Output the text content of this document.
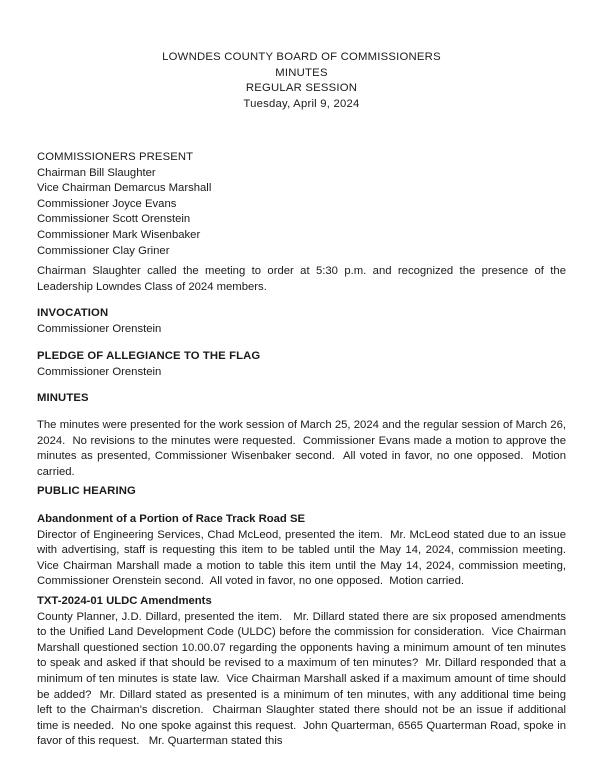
LOWNDES COUNTY BOARD OF COMMISSIONERS
MINUTES
REGULAR SESSION
Tuesday, April 9, 2024
COMMISSIONERS PRESENT
Chairman Bill Slaughter
Vice Chairman Demarcus Marshall
Commissioner Joyce Evans
Commissioner Scott Orenstein
Commissioner Mark Wisenbaker
Commissioner Clay Griner

Chairman Slaughter called the meeting to order at 5:30 p.m. and recognized the presence of the Leadership Lowndes Class of 2024 members.

INVOCATION
Commissioner Orenstein
PLEDGE OF ALLEGIANCE TO THE FLAG
Commissioner Orenstein
MINUTES

The minutes were presented for the work session of March 25, 2024 and the regular session of March 26, 2024.  No revisions to the minutes were requested.  Commissioner Evans made a motion to approve the minutes as presented, Commissioner Wisenbaker second.  All voted in favor, no one opposed.  Motion carried.

PUBLIC HEARING
Abandonment of a Portion of Race Track Road SE

Director of Engineering Services, Chad McLeod, presented the item.  Mr. McLeod stated due to an issue with advertising, staff is requesting this item to be tabled until the May 14, 2024, commission meeting. Vice Chairman Marshall made a motion to table this item until the May 14, 2024, commission meeting, Commissioner Orenstein second.  All voted in favor, no one opposed.  Motion carried.

TXT-2024-01 ULDC Amendments

County Planner, J.D. Dillard, presented the item.   Mr. Dillard stated there are six proposed amendments to the Unified Land Development Code (ULDC) before the commission for consideration.  Vice Chairman Marshall questioned section 10.00.07 regarding the opponents having a minimum amount of ten minutes to speak and asked if that should be revised to a maximum of ten minutes?  Mr. Dillard responded that a minimum of ten minutes is state law.  Vice Chairman Marshall asked if a maximum amount of time should be added?  Mr. Dillard stated as presented is a minimum of ten minutes, with any additional time being left to the Chairman's discretion.  Chairman Slaughter stated there should not be an issue if additional time is needed.  No one spoke against this request.  John Quarterman, 6565 Quarterman Road, spoke in favor of this request.   Mr. Quarterman stated this
